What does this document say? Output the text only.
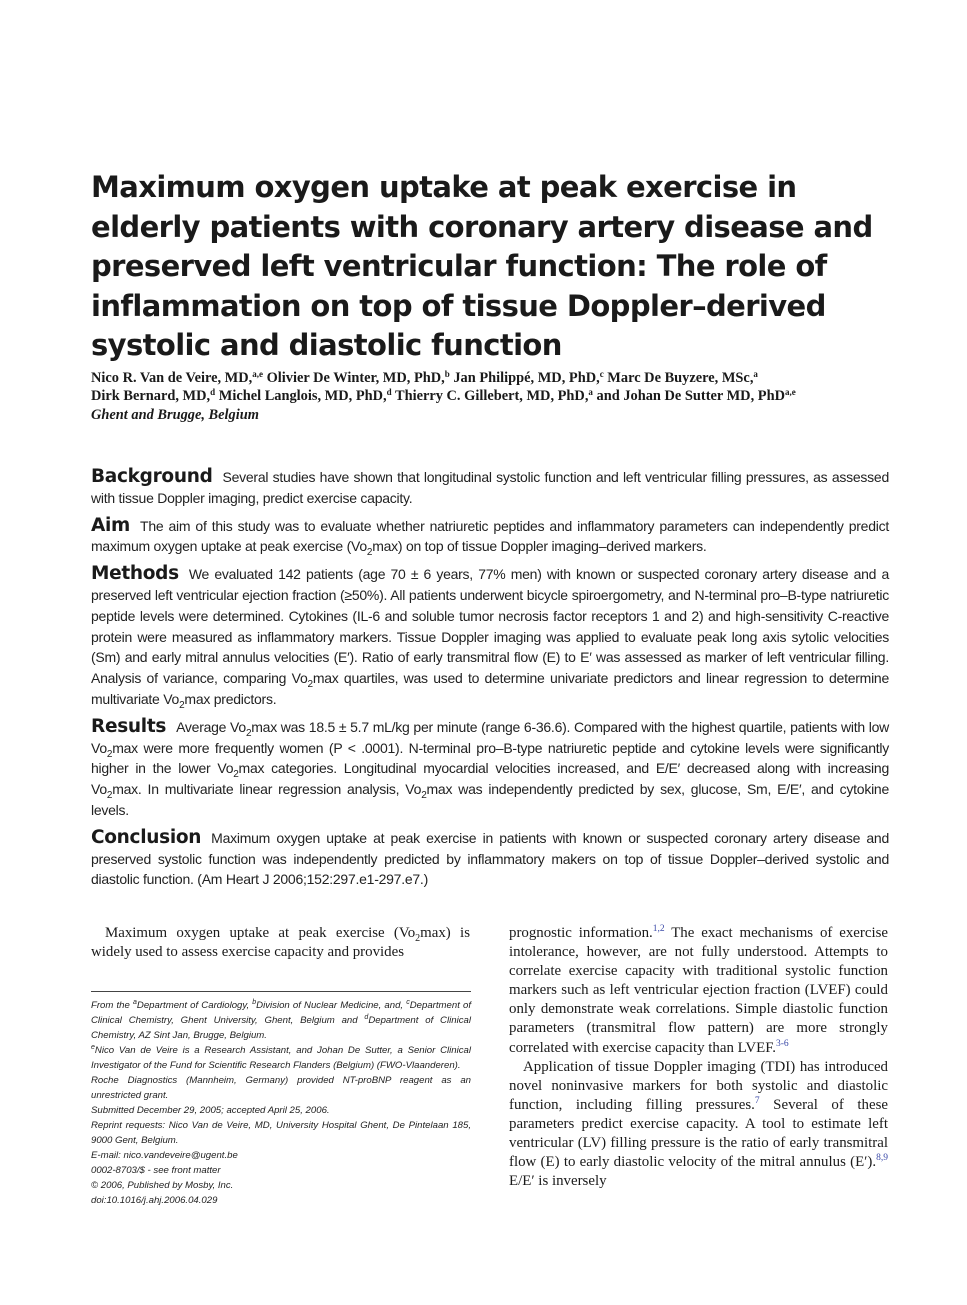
Maximum oxygen uptake at peak exercise in elderly patients with coronary artery disease and preserved left ventricular function: The role of inflammation on top of tissue Doppler–derived systolic and diastolic function

Nico R. Van de Veire, MD,$^{a,e}$ Olivier De Winter, MD, PhD,$^b$ Jan Philippé, MD, PhD,$^c$ Marc De Buyzere, MSc,$^a$
Dirk Bernard, MD,$^d$ Michel Langlois, MD, PhD,$^d$ Thierry C. Gillebert, MD, PhD,$^a$ and Johan De Sutter MD, PhD$^{a,e}$

Ghent and Brugge, Belgium

Background Several studies have shown that longitudinal systolic function and left ventricular filling pressures, as assessed with tissue Doppler imaging, predict exercise capacity.

Aim The aim of this study was to evaluate whether natriuretic peptides and inflammatory parameters can independently predict maximum oxygen uptake at peak exercise $(Vo_2\max)$ on top of tissue Doppler imaging–derived markers.

Methods We evaluated 142 patients (age 70 ± 6 years, 77% men) with known or suspected coronary artery disease and a preserved left ventricular ejection fraction (≥50%). All patients underwent bicycle spiroergometry, and N-terminal pro–B-type natriuretic peptide levels were determined. Cytokines (IL-6 and soluble tumor necrosis factor receptors 1 and 2) and high-sensitivity C-reactive protein were measured as inflammatory markers. Tissue Doppler imaging was applied to evaluate peak long axis sytolic velocities (Sm) and early mitral annulus velocities (E′). Ratio of early transmitral flow (E) to E′ was assessed as marker of left ventricular filling. Analysis of variance, comparing $Vo_2\max$ quartiles, was used to determine univariate predictors and linear regression to determine multivariate $Vo_2\max$ predictors.

Results Average $Vo_2\max$ was 18.5 ± 5.7 mL/kg per minute (range 6-36.6). Compared with the highest quartile, patients with low $Vo_2\max$ were more frequently women (P < .0001). N-terminal pro–B-type natriuretic peptide and cytokine levels were significantly higher in the lower $Vo_2\max$ categories. Longitudinal myocardial velocities increased, and E/E′ decreased along with increasing $Vo_2\max$. In multivariate linear regression analysis, $Vo_2\max$ was independently predicted by sex, glucose, Sm, E/E′, and cytokine levels.

Conclusion Maximum oxygen uptake at peak exercise in patients with known or suspected coronary artery disease and preserved systolic function was independently predicted by inflammatory makers on top of tissue Doppler–derived systolic and diastolic function. (Am Heart J 2006;152:297.e1-297.e7.)

Maximum oxygen uptake at peak exercise $(Vo_2\max)$ is widely used to assess exercise capacity and provides

From the $^a$Department of Cardiology, $^b$Division of Nuclear Medicine, and, $^c$Department of Clinical Chemistry, Ghent University, Ghent, Belgium and $^d$Department of Clinical Chemistry, AZ Sint Jan, Brugge, Belgium.

$^e$Nico Van de Veire is a Research Assistant, and Johan De Sutter, a Senior Clinical Investigator of the Fund for Scientific Research Flanders (Belgium) (FWO-Vlaanderen).

Roche Diagnostics (Mannheim, Germany) provided NT-proBNP reagent as an unrestricted grant.

Submitted December 29, 2005; accepted April 25, 2006.

Reprint requests: Nico Van de Veire, MD, University Hospital Ghent, De Pintelaan 185, 9000 Gent, Belgium.

E-mail: nico.vandeveire@ugent.be

0002-8703/$ - see front matter

© 2006, Published by Mosby, Inc.

doi:10.1016/j.ahj.2006.04.029

prognostic information.$^{1,2}$ The exact mechanisms of exercise intolerance, however, are not fully understood. Attempts to correlate exercise capacity with traditional systolic function markers such as left ventricular ejection fraction (LVEF) could only demonstrate weak correlations. Simple diastolic function parameters (transmitral flow pattern) are more strongly correlated with exercise capacity than LVEF.$^{3-6}$

Application of tissue Doppler imaging (TDI) has introduced novel noninvasive markers for both systolic and diastolic function, including filling pressures.$^7$ Several of these parameters predict exercise capacity. A tool to estimate left ventricular (LV) filling pressure is the ratio of early transmitral flow (E) to early diastolic velocity of the mitral annulus (E′).$^{8,9}$ E/E′ is inversely
